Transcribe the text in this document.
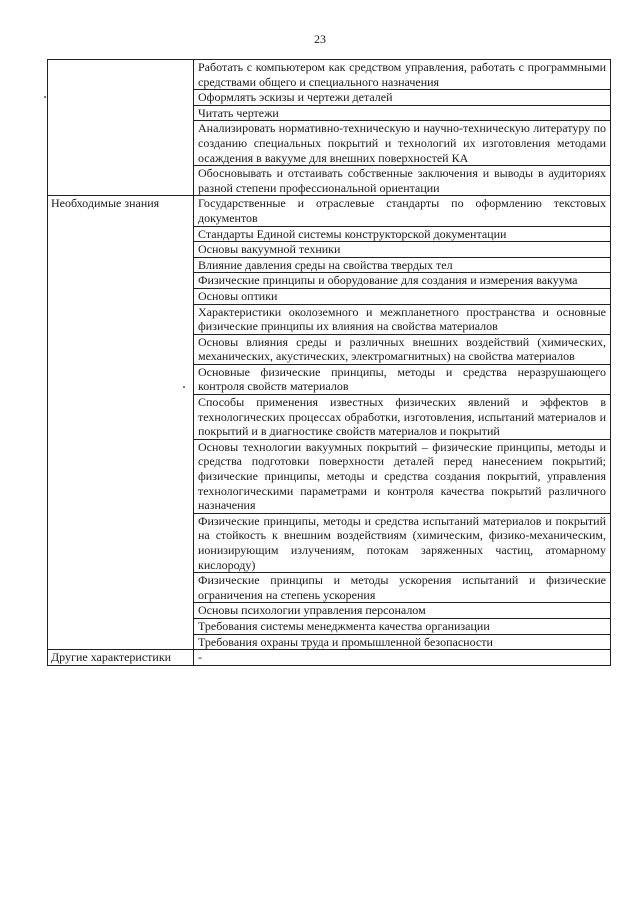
23
	Работать с компьютером как средством управления, работать с программными средствами общего и специального назначения
	Оформлять эскизы и чертежи деталей
	Читать чертежи
	Анализировать нормативно-техническую и научно-техническую литературу по созданию специальных покрытий и технологий их изготовления методами осаждения в вакууме для внешних поверхностей КА
	Обосновывать и отстаивать собственные заключения и выводы в аудиториях разной степени профессиональной ориентации
Необходимые знания	Государственные и отраслевые стандарты по оформлению текстовых документов
	Стандарты Единой системы конструкторской документации
	Основы вакуумной техники
	Влияние давления среды на свойства твердых тел
	Физические принципы и оборудование для создания и измерения вакуума
	Основы оптики
	Характеристики околоземного и межпланетного пространства и основные физические принципы их влияния на свойства материалов
	Основы влияния среды и различных внешних воздействий (химических, механических, акустических, электромагнитных) на свойства материалов
	Основные физические принципы, методы и средства неразрушающего контроля свойств материалов
	Способы применения известных физических явлений и эффектов в технологических процессах обработки, изготовления, испытаний материалов и покрытий и в диагностике свойств материалов и покрытий
	Основы технологии вакуумных покрытий – физические принципы, методы и средства подготовки поверхности деталей перед нанесением покрытий; физические принципы, методы и средства создания покрытий, управления технологическими параметрами и контроля качества покрытий различного назначения
	Физические принципы, методы и средства испытаний материалов и покрытий на стойкость к внешним воздействиям (химическим, физико-механическим, ионизирующим излучениям, потокам заряженных частиц, атомарному кислороду)
	Физические принципы и методы ускорения испытаний и физические ограничения на степень ускорения
	Основы психологии управления персоналом
	Требования системы менеджмента качества организации
	Требования охраны труда и промышленной безопасности
Другие характеристики	-
